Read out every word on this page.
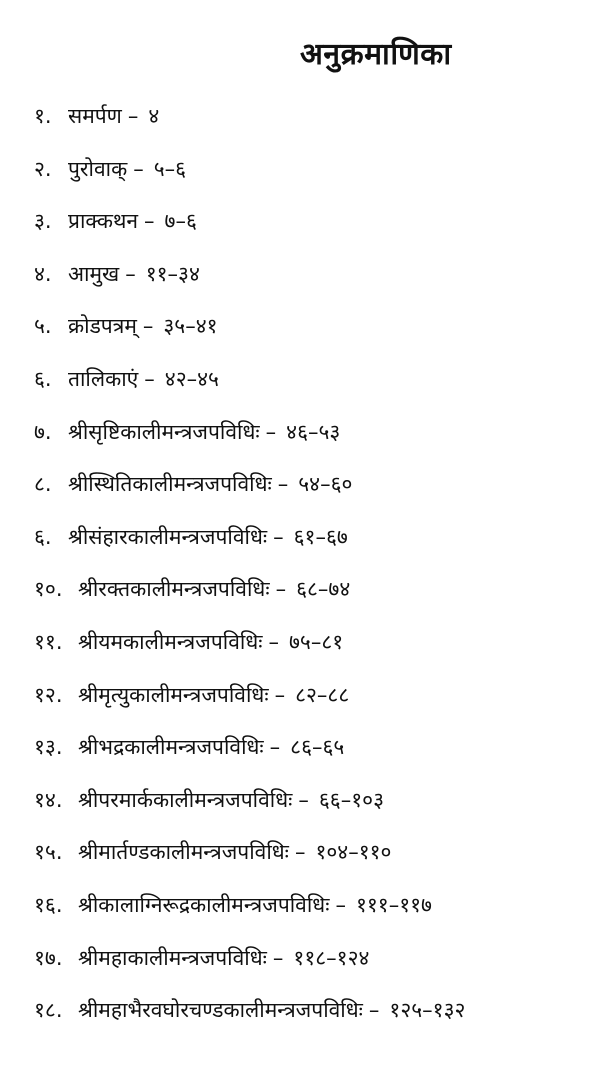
अनुक्रमाणिका
१. समर्पण – ४
२. पुरोवाक् – ५–६
३. प्राक्कथन – ७–६
४. आमुख – ११–३४
५. क्रोडपत्रम् – ३५–४१
६. तालिकाएं – ४२–४५
७. श्रीसृष्टिकालीमन्त्रजपविधिः – ४६–५३
८. श्रीस्थितिकालीमन्त्रजपविधिः – ५४–६०
६. श्रीसंहारकालीमन्त्रजपविधिः – ६१–६७
१०. श्रीरक्तकालीमन्त्रजपविधिः – ६८–७४
११. श्रीयमकालीमन्त्रजपविधिः – ७५–८१
१२. श्रीमृत्युकालीमन्त्रजपविधिः – ८२–८८
१३. श्रीभद्रकालीमन्त्रजपविधिः – ८६–६५
१४. श्रीपरमार्ककालीमन्त्रजपविधिः – ६६–१०३
१५. श्रीमार्तण्डकालीमन्त्रजपविधिः – १०४–११०
१६. श्रीकालाग्निरूद्रकालीमन्त्रजपविधिः – १११–११७
१७. श्रीमहाकालीमन्त्रजपविधिः – ११८–१२४
१८. श्रीमहाभैरवघोरचण्डकालीमन्त्रजपविधिः – १२५–१३२
